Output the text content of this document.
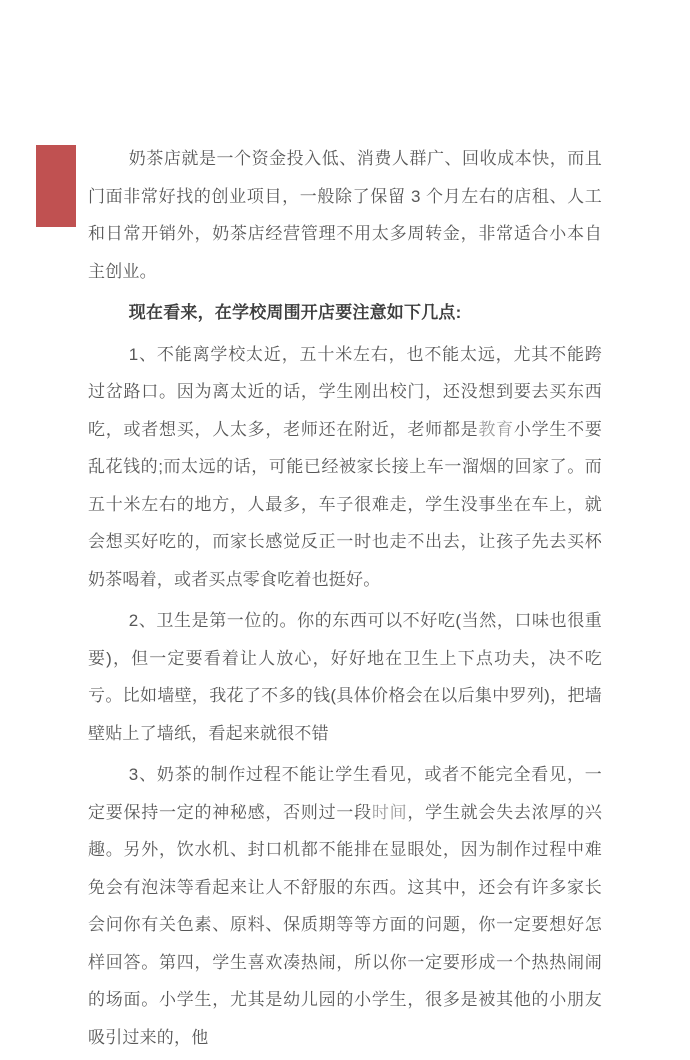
奶茶店就是一个资金投入低、消费人群广、回收成本快，而且门面非常好找的创业项目，一般除了保留 3 个月左右的店租、人工和日常开销外，奶茶店经营管理不用太多周转金，非常适合小本自主创业。

现在看来，在学校周围开店要注意如下几点:

1、不能离学校太近，五十米左右，也不能太远，尤其不能跨过岔路口。因为离太近的话，学生刚出校门，还没想到要去买东西吃，或者想买，人太多，老师还在附近，老师都是教育小学生不要乱花钱的;而太远的话，可能已经被家长接上车一溜烟的回家了。而五十米左右的地方，人最多，车子很难走，学生没事坐在车上，就会想买好吃的，而家长感觉反正一时也走不出去，让孩子先去买杯奶茶喝着，或者买点零食吃着也挺好。

2、卫生是第一位的。你的东西可以不好吃(当然，口味也很重要)，但一定要看着让人放心，好好地在卫生上下点功夫，决不吃亏。比如墙壁，我花了不多的钱(具体价格会在以后集中罗列)，把墙壁贴上了墙纸，看起来就很不错

3、奶茶的制作过程不能让学生看见，或者不能完全看见，一定要保持一定的神秘感，否则过一段时间，学生就会失去浓厚的兴趣。另外，饮水机、封口机都不能排在显眼处，因为制作过程中难免会有泡沫等看起来让人不舒服的东西。这其中，还会有许多家长会问你有关色素、原料、保质期等等方面的问题，你一定要想好怎样回答。第四，学生喜欢凑热闹，所以你一定要形成一个热热闹闹的场面。小学生，尤其是幼儿园的小学生，很多是被其他的小朋友吸引过来的，他
